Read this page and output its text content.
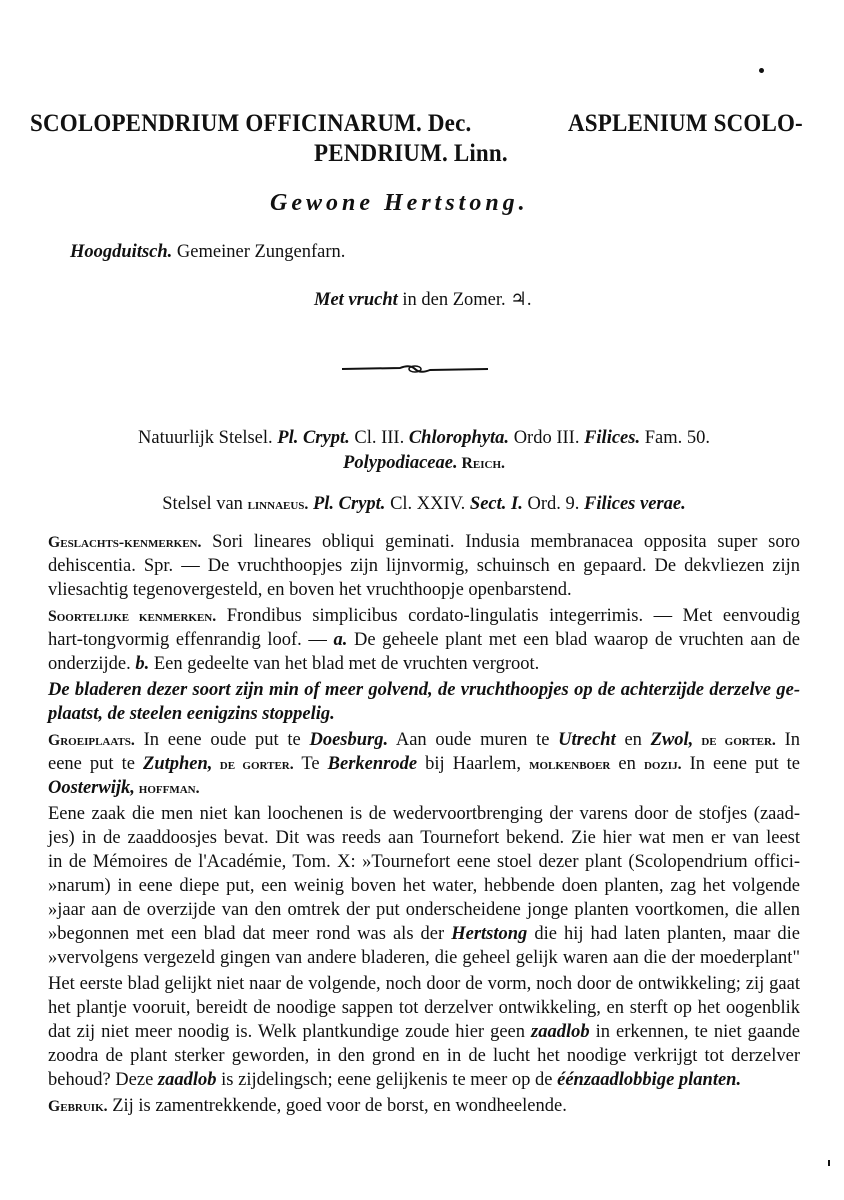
SCOLOPENDRIUM OFFICINARUM. Dec.	ASPLENIUM SCOLO-
PENDRIUM. Linn.
Gewone Hertstong.
Hoogduitsch. Gemeiner Zungenfarn.
Met vrucht in den Zomer. ♃.
Natuurlijk Stelsel. Pl. Crypt. Cl. III. Chlorophyta. Ordo III. Filices. Fam. 50.
Polypodiaceae. Reich.
Stelsel van linnaeus. Pl. Crypt. Cl. XXIV. Sect. I. Ord. 9. Filices verae.
Geslachts-kenmerken. Sori lineares obliqui geminati. Indusia membranacea opposita super soro
dehiscentia. Spr. — De vruchthoopjes zijn lijnvormig, schuinsch en gepaard. De dekvliezen zijn
vliesachtig tegenovergesteld, en boven het vruchthoopje openbarstend.
Soortelijke kenmerken. Frondibus simplicibus cordato-lingulatis integerrimis. — Met eenvoudig
hart-tongvormig effenrandig loof. — a. De geheele plant met een blad waarop de vruchten aan de
onderzijde. b. Een gedeelte van het blad met de vruchten vergroot.
De bladeren dezer soort zijn min of meer golvend, de vruchthoopjes op de achterzijde derzelve ge-
plaatst, de steelen eenigzins stoppelig.
Groeiplaats. In eene oude put te Doesburg. Aan oude muren te Utrecht en Zwol, de gorter. In
eene put te Zutphen, de gorter. Te Berkenrode bij Haarlem, molkenboer en dozij. In eene put te
Oosterwijk, hoffman.
Eene zaak die men niet kan loochenen is de wedervoortbrenging der varens door de stofjes (zaad-
jes) in de zaaddoosjes bevat. Dit was reeds aan Tournefort bekend. Zie hier wat men er van leest
in de Mémoires de l'Académie, Tom. X: »Tournefort eene stoel dezer plant (Scolopendrium offici-
»narum) in eene diepe put, een weinig boven het water, hebbende doen planten, zag het volgende
»jaar aan de overzijde van den omtrek der put onderscheidene jonge planten voortkomen, die allen
»begonnen met een blad dat meer rond was als der Hertstong die hij had laten planten, maar die
»vervolgens vergezeld gingen van andere bladeren, die geheel gelijk waren aan die der moederplant"
Het eerste blad gelijkt niet naar de volgende, noch door de vorm, noch door de ontwikkeling; zij gaat
het plantje vooruit, bereidt de noodige sappen tot derzelver ontwikkeling, en sterft op het oogenblik
dat zij niet meer noodig is. Welk plantkundige zoude hier geen zaadlob in erkennen, te niet gaande
zoodra de plant sterker geworden, in den grond en in de lucht het noodige verkrijgt tot derzelver
behoud? Deze zaadlob is zijdelingsch; eene gelijkenis te meer op de éénzaadlobbige planten.
Gebruik. Zij is zamentrekkende, goed voor de borst, en wondheelende.
